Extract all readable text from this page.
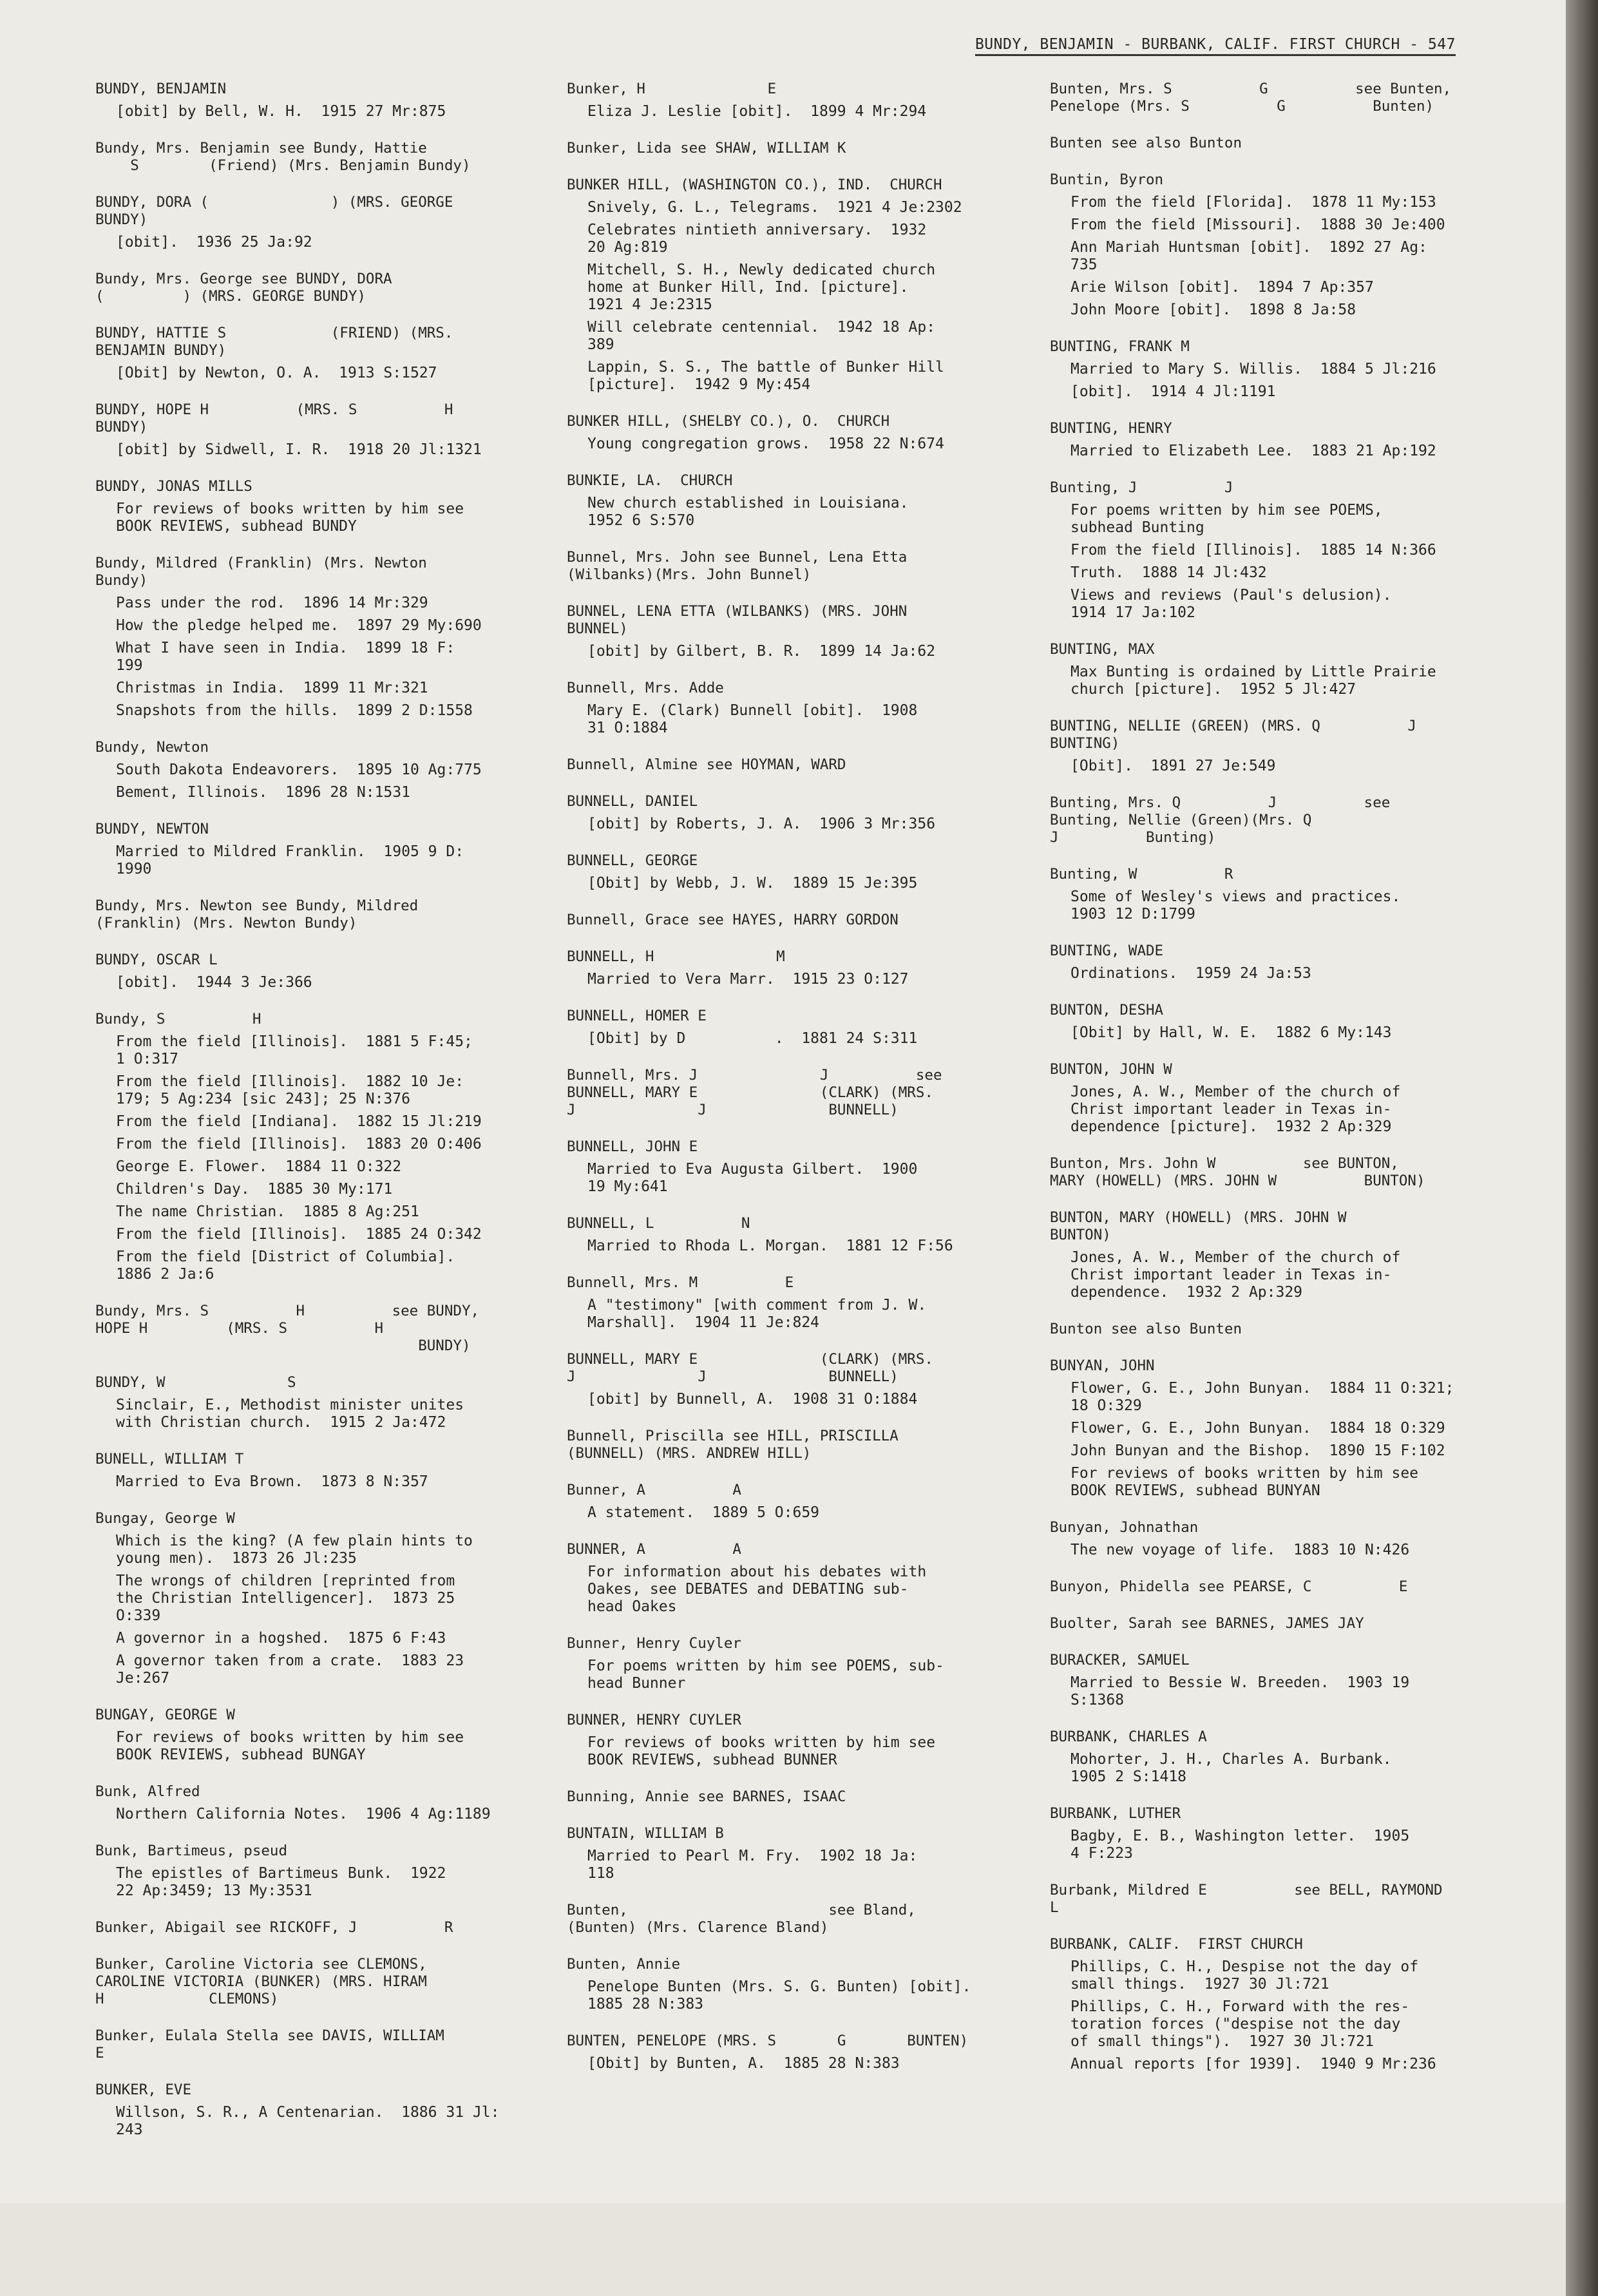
BUNDY, BENJAMIN - BURBANK, CALIF. FIRST CHURCH - 547
BUNDY, BENJAMIN
[obit] by Bell, W. H.  1915 27 Mr:875
Bundy, Mrs. Benjamin see Bundy, Hattie
S        (Friend) (Mrs. Benjamin Bundy)
BUNDY, DORA (              ) (MRS. GEORGE
BUNDY)
[obit].  1936 25 Ja:92
Bundy, Mrs. George see BUNDY, DORA
(         ) (MRS. GEORGE BUNDY)
BUNDY, HATTIE S            (FRIEND) (MRS.
BENJAMIN BUNDY)
[Obit] by Newton, O. A.  1913 S:1527
BUNDY, HOPE H          (MRS. S          H
BUNDY)
[obit] by Sidwell, I. R.  1918 20 Jl:1321
BUNDY, JONAS MILLS
For reviews of books written by him see
BOOK REVIEWS, subhead BUNDY
Bundy, Mildred (Franklin) (Mrs. Newton
Bundy)
Pass under the rod.  1896 14 Mr:329
How the pledge helped me.  1897 29 My:690
What I have seen in India.  1899 18 F:
199
Christmas in India.  1899 11 Mr:321
Snapshots from the hills.  1899 2 D:1558
Bundy, Newton
South Dakota Endeavorers.  1895 10 Ag:775
Bement, Illinois.  1896 28 N:1531
BUNDY, NEWTON
Married to Mildred Franklin.  1905 9 D:
1990
Bundy, Mrs. Newton see Bundy, Mildred
(Franklin) (Mrs. Newton Bundy)
BUNDY, OSCAR L
[obit].  1944 3 Je:366
Bundy, S          H
From the field [Illinois].  1881 5 F:45;
1 O:317
From the field [Illinois].  1882 10 Je:
179; 5 Ag:234 [sic 243]; 25 N:376
From the field [Indiana].  1882 15 Jl:219
From the field [Illinois].  1883 20 O:406
George E. Flower.  1884 11 O:322
Children's Day.  1885 30 My:171
The name Christian.  1885 8 Ag:251
From the field [Illinois].  1885 24 O:342
From the field [District of Columbia].
1886 2 Ja:6
Bundy, Mrs. S          H          see BUNDY,
HOPE H         (MRS. S          H
BUNDY)
BUNDY, W              S
Sinclair, E., Methodist minister unites
with Christian church.  1915 2 Ja:472
BUNELL, WILLIAM T
Married to Eva Brown.  1873 8 N:357
Bungay, George W
Which is the king? (A few plain hints to
young men).  1873 26 Jl:235
The wrongs of children [reprinted from
the Christian Intelligencer].  1873 25
O:339
A governor in a hogshed.  1875 6 F:43
A governor taken from a crate.  1883 23
Je:267
BUNGAY, GEORGE W
For reviews of books written by him see
BOOK REVIEWS, subhead BUNGAY
Bunk, Alfred
Northern California Notes.  1906 4 Ag:1189
Bunk, Bartimeus, pseud
The epistles of Bartimeus Bunk.  1922
22 Ap:3459; 13 My:3531
Bunker, Abigail see RICKOFF, J          R
Bunker, Caroline Victoria see CLEMONS,
CAROLINE VICTORIA (BUNKER) (MRS. HIRAM
H            CLEMONS)
Bunker, Eulala Stella see DAVIS, WILLIAM
E
BUNKER, EVE
Willson, S. R., A Centenarian.  1886 31 Jl:
243
Bunker, H              E
Eliza J. Leslie [obit].  1899 4 Mr:294
Bunker, Lida see SHAW, WILLIAM K
BUNKER HILL, (WASHINGTON CO.), IND.  CHURCH
Snively, G. L., Telegrams.  1921 4 Je:2302
Celebrates nintieth anniversary.  1932
20 Ag:819
Mitchell, S. H., Newly dedicated church
home at Bunker Hill, Ind. [picture].
1921 4 Je:2315
Will celebrate centennial.  1942 18 Ap:
389
Lappin, S. S., The battle of Bunker Hill
[picture].  1942 9 My:454
BUNKER HILL, (SHELBY CO.), O.  CHURCH
Young congregation grows.  1958 22 N:674
BUNKIE, LA.  CHURCH
New church established in Louisiana.
1952 6 S:570
Bunnel, Mrs. John see Bunnel, Lena Etta
(Wilbanks)(Mrs. John Bunnel)
BUNNEL, LENA ETTA (WILBANKS) (MRS. JOHN
BUNNEL)
[obit] by Gilbert, B. R.  1899 14 Ja:62
Bunnell, Mrs. Adde
Mary E. (Clark) Bunnell [obit].  1908
31 O:1884
Bunnell, Almine see HOYMAN, WARD
BUNNELL, DANIEL
[obit] by Roberts, J. A.  1906 3 Mr:356
BUNNELL, GEORGE
[Obit] by Webb, J. W.  1889 15 Je:395
Bunnell, Grace see HAYES, HARRY GORDON
BUNNELL, H              M
Married to Vera Marr.  1915 23 O:127
BUNNELL, HOMER E
[Obit] by D          .  1881 24 S:311
Bunnell, Mrs. J              J          see
BUNNELL, MARY E              (CLARK) (MRS.
J              J              BUNNELL)
BUNNELL, JOHN E
Married to Eva Augusta Gilbert.  1900
19 My:641
BUNNELL, L          N
Married to Rhoda L. Morgan.  1881 12 F:56
Bunnell, Mrs. M          E
A "testimony" [with comment from J. W.
Marshall].  1904 11 Je:824
BUNNELL, MARY E              (CLARK) (MRS.
J              J              BUNNELL)
[obit] by Bunnell, A.  1908 31 O:1884
Bunnell, Priscilla see HILL, PRISCILLA
(BUNNELL) (MRS. ANDREW HILL)
Bunner, A          A
A statement.  1889 5 O:659
BUNNER, A          A
For information about his debates with
Oakes, see DEBATES and DEBATING sub-
head Oakes
Bunner, Henry Cuyler
For poems written by him see POEMS, sub-
head Bunner
BUNNER, HENRY CUYLER
For reviews of books written by him see
BOOK REVIEWS, subhead BUNNER
Bunning, Annie see BARNES, ISAAC
BUNTAIN, WILLIAM B
Married to Pearl M. Fry.  1902 18 Ja:
118
Bunten,                       see Bland,
(Bunten) (Mrs. Clarence Bland)
Bunten, Annie
Penelope Bunten (Mrs. S. G. Bunten) [obit].
1885 28 N:383
BUNTEN, PENELOPE (MRS. S       G       BUNTEN)
[Obit] by Bunten, A.  1885 28 N:383
Bunten, Mrs. S          G          see Bunten,
Penelope (Mrs. S          G          Bunten)
Bunten see also Bunton
Buntin, Byron
From the field [Florida].  1878 11 My:153
From the field [Missouri].  1888 30 Je:400
Ann Mariah Huntsman [obit].  1892 27 Ag:
735
Arie Wilson [obit].  1894 7 Ap:357
John Moore [obit].  1898 8 Ja:58
BUNTING, FRANK M
Married to Mary S. Willis.  1884 5 Jl:216
[obit].  1914 4 Jl:1191
BUNTING, HENRY
Married to Elizabeth Lee.  1883 21 Ap:192
Bunting, J          J
For poems written by him see POEMS,
subhead Bunting
From the field [Illinois].  1885 14 N:366
Truth.  1888 14 Jl:432
Views and reviews (Paul's delusion).
1914 17 Ja:102
BUNTING, MAX
Max Bunting is ordained by Little Prairie
church [picture].  1952 5 Jl:427
BUNTING, NELLIE (GREEN) (MRS. Q          J
BUNTING)
[Obit].  1891 27 Je:549
Bunting, Mrs. Q          J          see
Bunting, Nellie (Green)(Mrs. Q
J          Bunting)
Bunting, W          R
Some of Wesley's views and practices.
1903 12 D:1799
BUNTING, WADE
Ordinations.  1959 24 Ja:53
BUNTON, DESHA
[Obit] by Hall, W. E.  1882 6 My:143
BUNTON, JOHN W
Jones, A. W., Member of the church of
Christ important leader in Texas in-
dependence [picture].  1932 2 Ap:329
Bunton, Mrs. John W          see BUNTON,
MARY (HOWELL) (MRS. JOHN W          BUNTON)
BUNTON, MARY (HOWELL) (MRS. JOHN W
BUNTON)
Jones, A. W., Member of the church of
Christ important leader in Texas in-
dependence.  1932 2 Ap:329
Bunton see also Bunten
BUNYAN, JOHN
Flower, G. E., John Bunyan.  1884 11 O:321;
18 O:329
Flower, G. E., John Bunyan.  1884 18 O:329
John Bunyan and the Bishop.  1890 15 F:102
For reviews of books written by him see
BOOK REVIEWS, subhead BUNYAN
Bunyan, Johnathan
The new voyage of life.  1883 10 N:426
Bunyon, Phidella see PEARSE, C          E
Buolter, Sarah see BARNES, JAMES JAY
BURACKER, SAMUEL
Married to Bessie W. Breeden.  1903 19
S:1368
BURBANK, CHARLES A
Mohorter, J. H., Charles A. Burbank.
1905 2 S:1418
BURBANK, LUTHER
Bagby, E. B., Washington letter.  1905
4 F:223
Burbank, Mildred E          see BELL, RAYMOND
L
BURBANK, CALIF.  FIRST CHURCH
Phillips, C. H., Despise not the day of
small things.  1927 30 Jl:721
Phillips, C. H., Forward with the res-
toration forces ("despise not the day
of small things").  1927 30 Jl:721
Annual reports [for 1939].  1940 9 Mr:236
